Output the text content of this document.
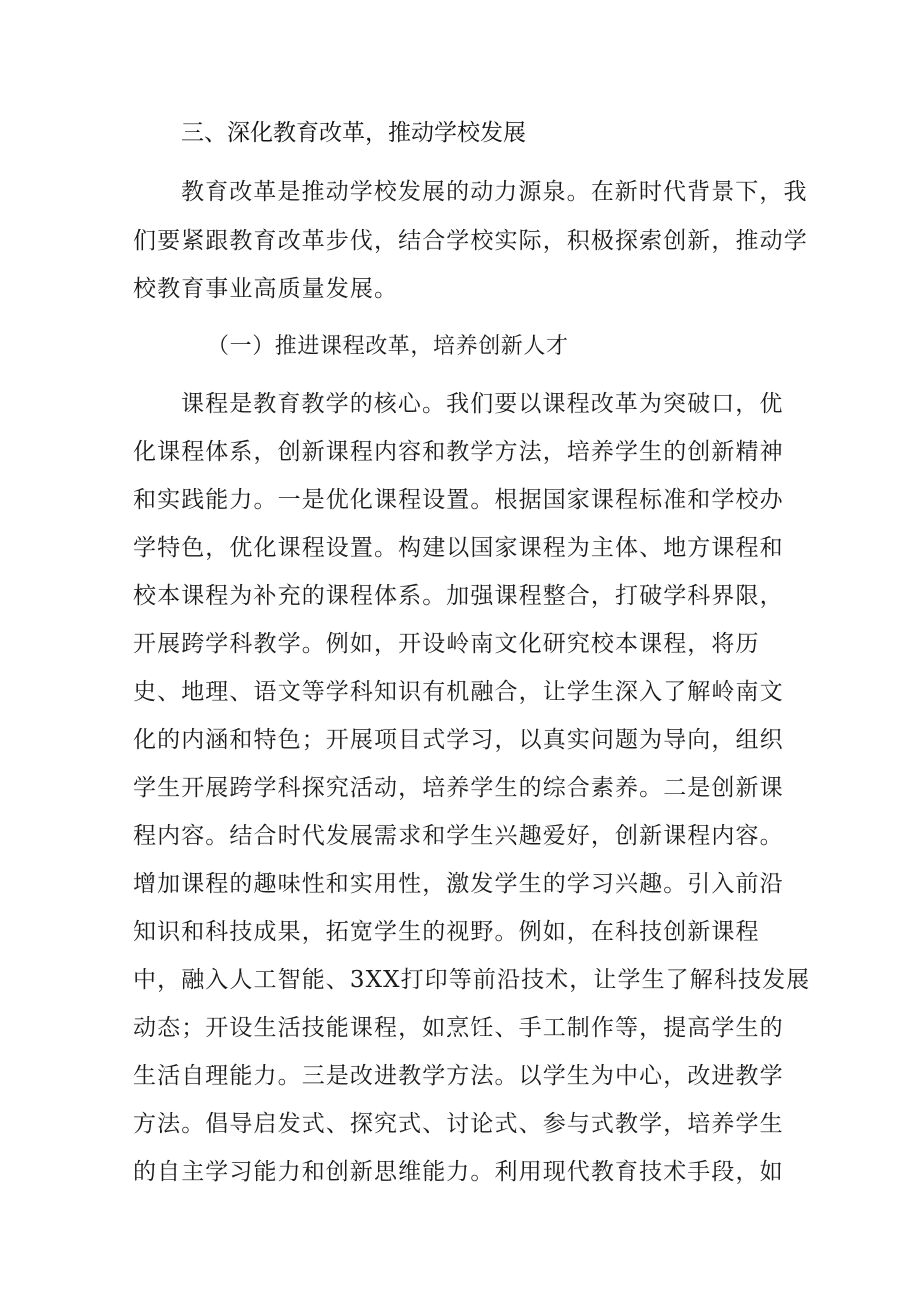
三、深化教育改革，推动学校发展
教育改革是推动学校发展的动力源泉。在新时代背景下，我
们要紧跟教育改革步伐，结合学校实际，积极探索创新，推动学
校教育事业高质量发展。
（一）推进课程改革，培养创新人才
课程是教育教学的核心。我们要以课程改革为突破口，优
化课程体系，创新课程内容和教学方法，培养学生的创新精神
和实践能力。一是优化课程设置。根据国家课程标准和学校办
学特色，优化课程设置。构建以国家课程为主体、地方课程和
校本课程为补充的课程体系。加强课程整合，打破学科界限，
开展跨学科教学。例如，开设岭南文化研究校本课程，将历
史、地理、语文等学科知识有机融合，让学生深入了解岭南文
化的内涵和特色；开展项目式学习，以真实问题为导向，组织
学生开展跨学科探究活动，培养学生的综合素养。二是创新课
程内容。结合时代发展需求和学生兴趣爱好，创新课程内容。
增加课程的趣味性和实用性，激发学生的学习兴趣。引入前沿
知识和科技成果，拓宽学生的视野。例如，在科技创新课程
中，融入人工智能、3XX打印等前沿技术，让学生了解科技发展
动态；开设生活技能课程，如烹饪、手工制作等，提高学生的
生活自理能力。三是改进教学方法。以学生为中心，改进教学
方法。倡导启发式、探究式、讨论式、参与式教学，培养学生
的自主学习能力和创新思维能力。利用现代教育技术手段，如
